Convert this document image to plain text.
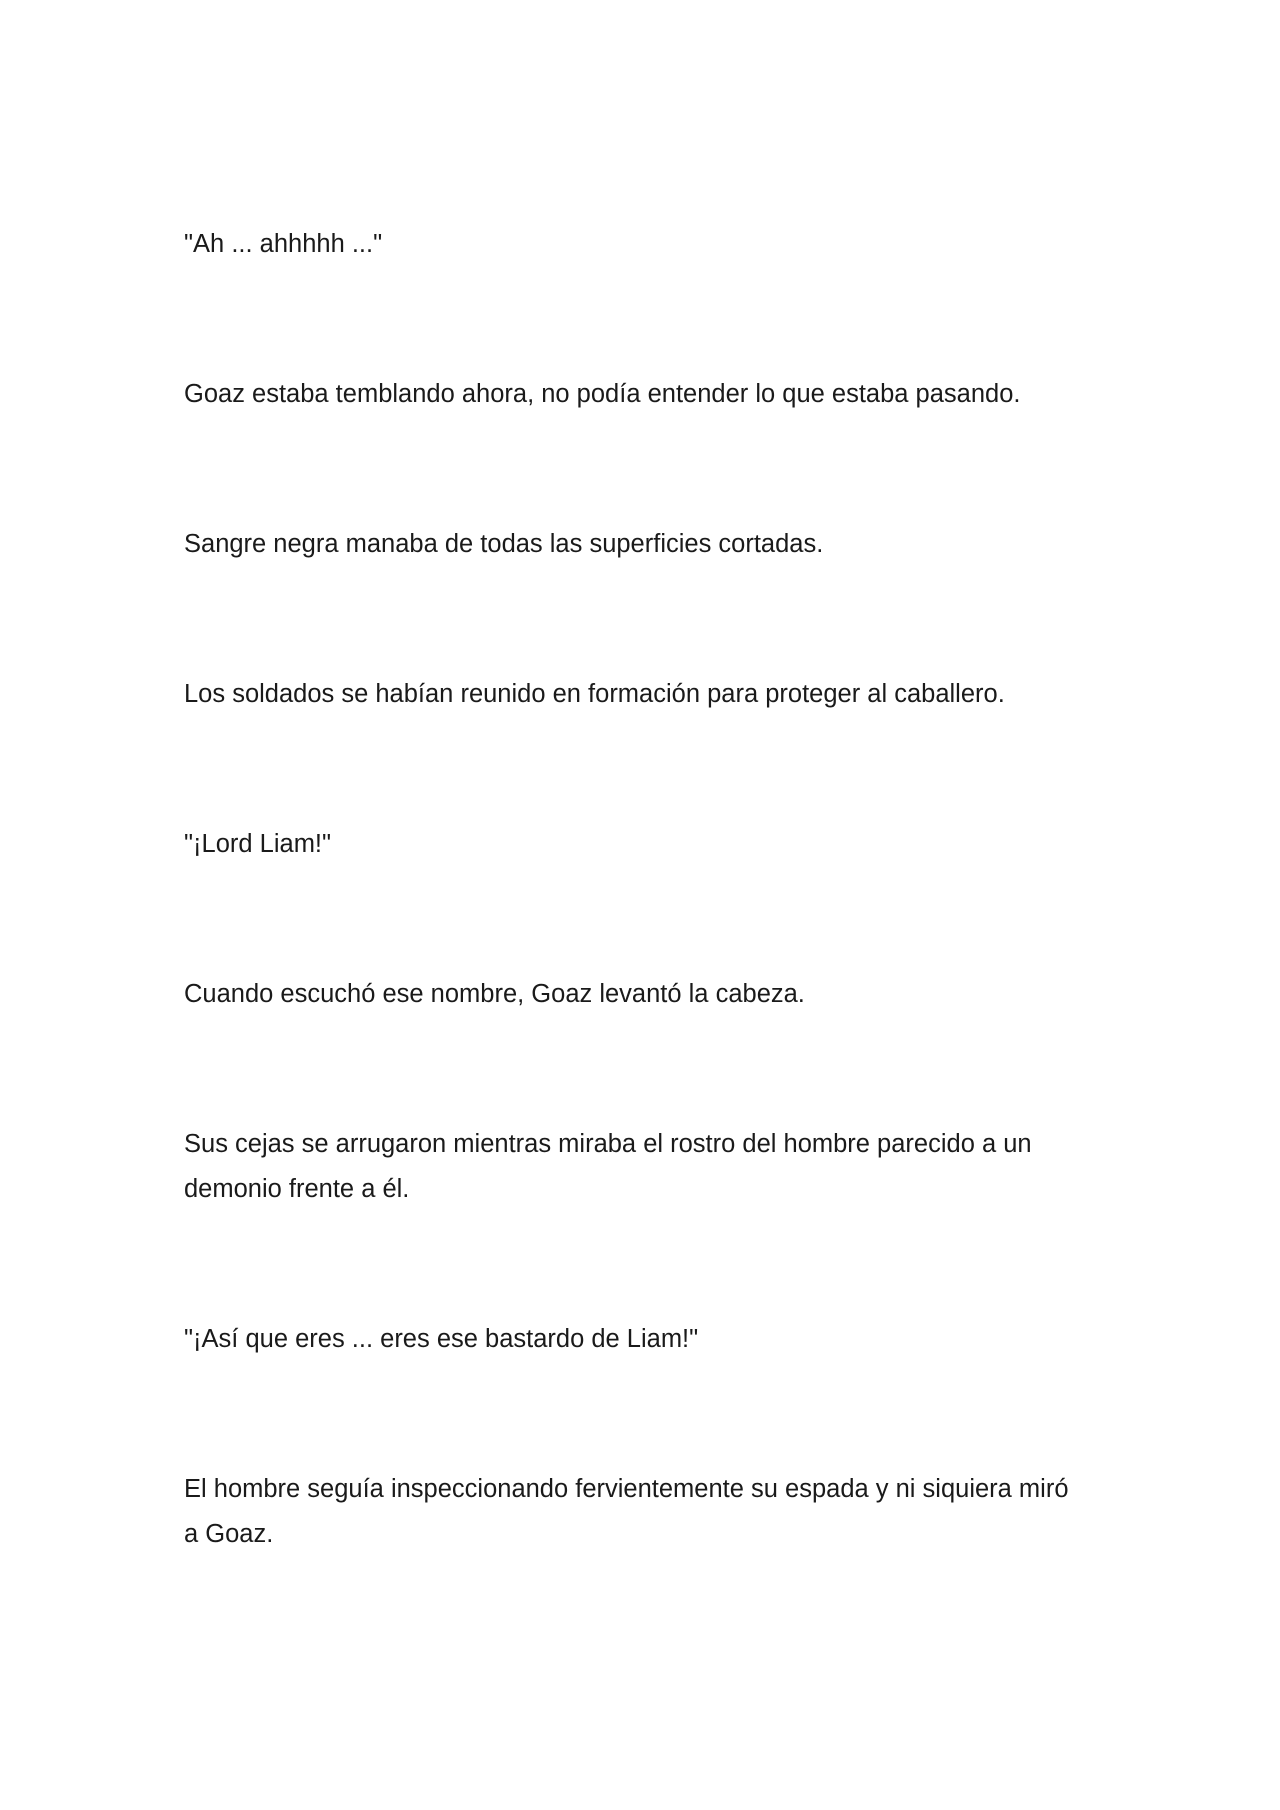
"Ah ... ahhhhh ..."

Goaz estaba temblando ahora, no podía entender lo que estaba pasando.

Sangre negra manaba de todas las superficies cortadas.

Los soldados se habían reunido en formación para proteger al caballero.

"¡Lord Liam!"

Cuando escuchó ese nombre, Goaz levantó la cabeza.

Sus cejas se arrugaron mientras miraba el rostro del hombre parecido a un
demonio frente a él.

"¡Así que eres ... eres ese bastardo de Liam!"

El hombre seguía inspeccionando fervientemente su espada y ni siquiera miró
a Goaz.
